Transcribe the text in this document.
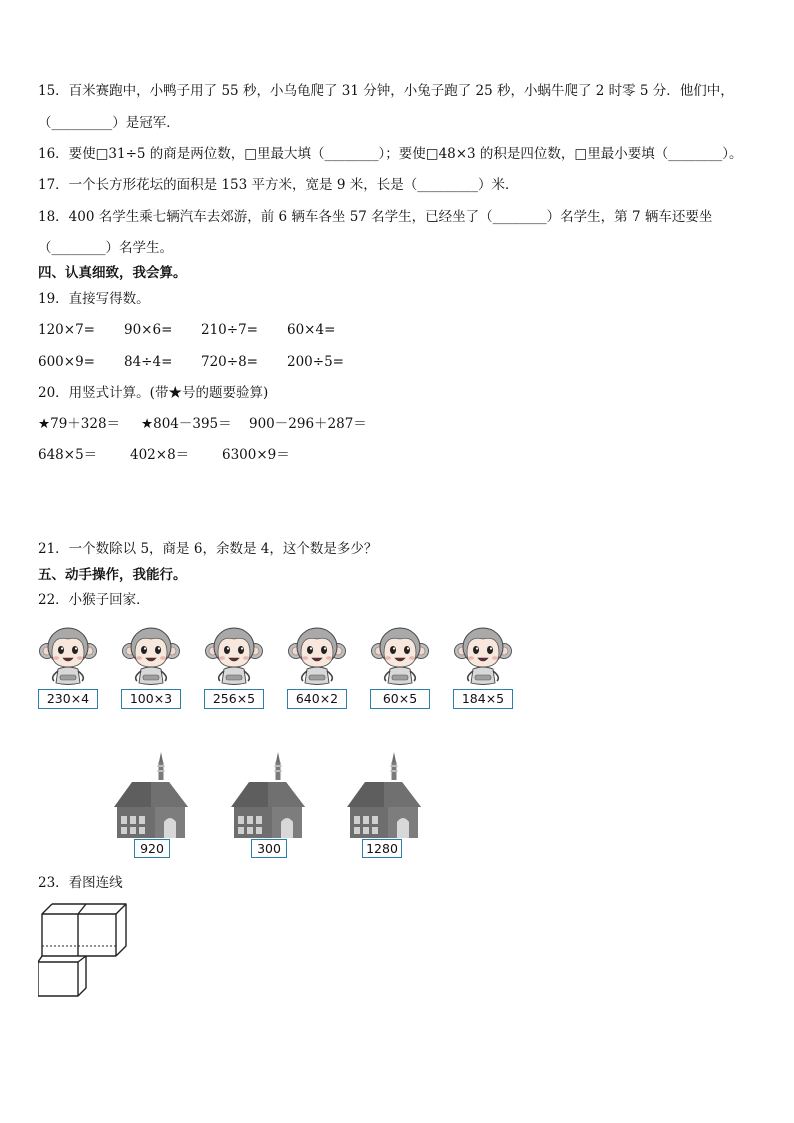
15．百米赛跑中，小鸭子用了 55 秒，小乌龟爬了 31 分钟，小兔子跑了 25 秒，小蜗牛爬了 2 时零 5 分．他们中，
（_________）是冠军．
16．要使□31÷5 的商是两位数，□里最大填（________）；要使□48×3 的积是四位数，□里最小要填（________）。
17．一个长方形花坛的面积是 153 平方米，宽是 9 米，长是（_________）米．
18．400 名学生乘七辆汽车去郊游，前 6 辆车各坐 57 名学生，已经坐了（________）名学生，第 7 辆车还要坐
（________）名学生。
四、认真细致，我会算。
19．直接写得数。
120×7= 90×6= 210÷7= 60×4=
600×9= 84÷4= 720÷8= 200÷5=
20．用竖式计算。(带★号的题要验算)
★79＋328＝ ★804－395＝ 900－296＋287＝
648×5＝ 402×8＝ 6300×9＝
21．一个数除以 5，商是 6，余数是 4，这个数是多少？
五、动手操作，我能行。
22．小猴子回家．
230×4	100×3	256×5	640×2	60×5	184×5
920	300	1280
23．看图连线
